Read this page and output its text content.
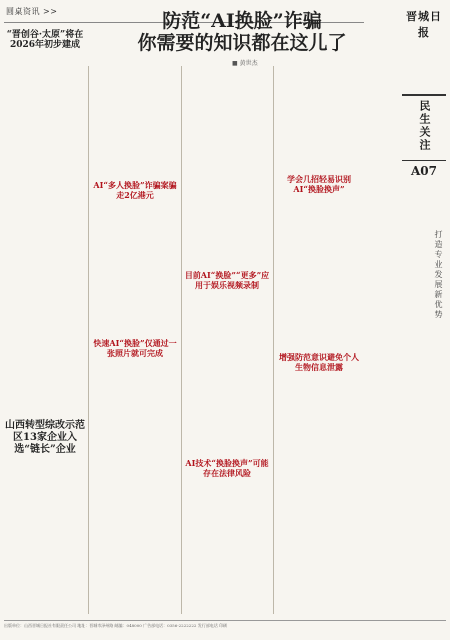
圆桌资讯 >>	防范“AI换脸”诈骗
你需要的知识都在这儿了
■ 黄世杰
晋城日报
民生关注
A07
打造专业发展新优势
“晋创谷·太原”将在2026年初步建成
山西转型综改示范区13家企业入选“链长”企业
AI“多人换脸”诈骗案骗走2亿港元
快速AI“换脸”仅通过一张照片就可完成
目前AI“换脸”“更多”应用于娱乐视频录制
AI技术“换脸换声”可能存在法律风险
学会几招轻易识别AI“换脸换声”
增强防范意识避免个人生物信息泄露
出版单位：山西晋城日报社有限责任公司 地址：晋城市泽州路 邮编：048000 广告部电话：0356-2222222 发行部电话 印刷
